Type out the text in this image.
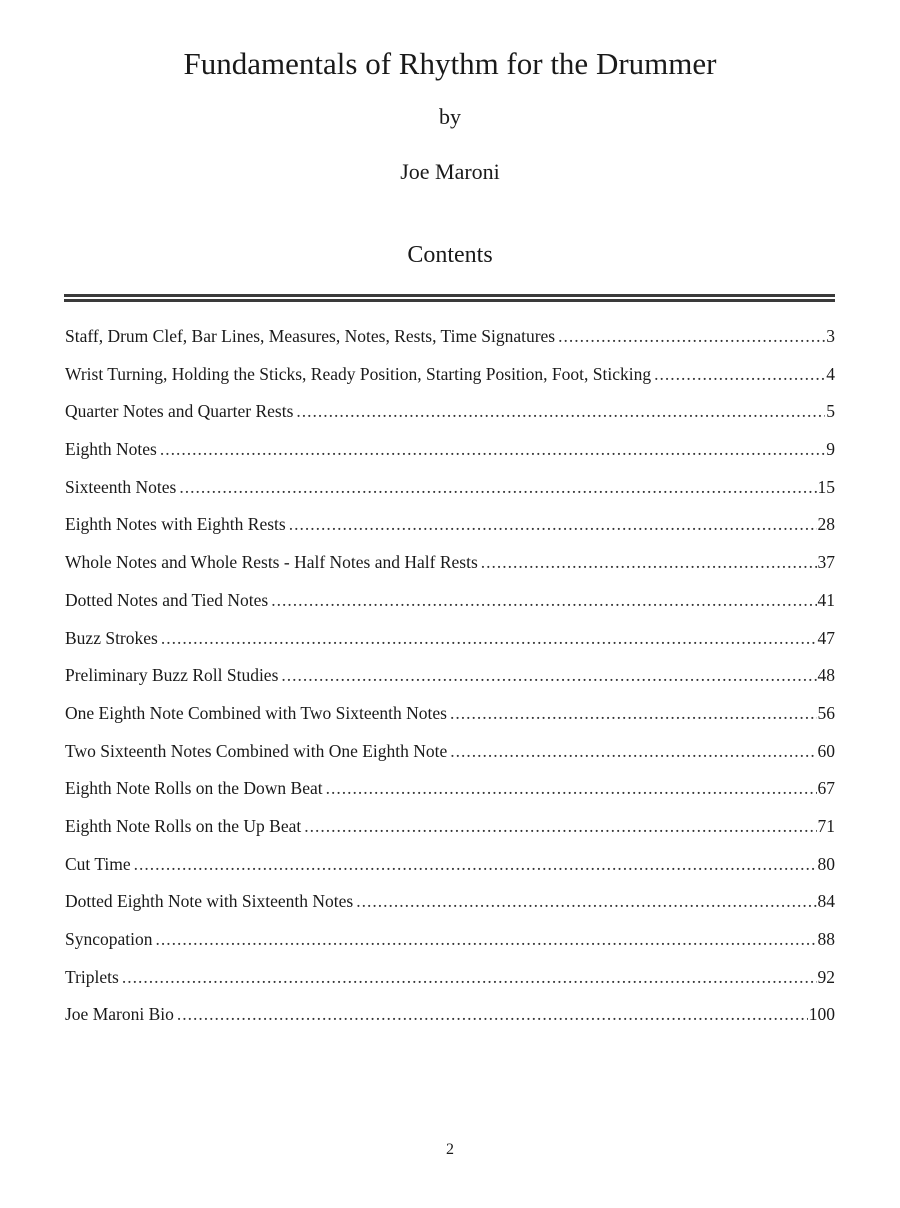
Fundamentals of Rhythm for the Drummer
by
Joe Maroni
Contents
Staff, Drum Clef, Bar Lines, Measures, Notes, Rests, Time Signatures .....	3
Wrist Turning, Holding the Sticks, Ready Position, Starting Position, Foot, Sticking .....	4
Quarter Notes and Quarter Rests .....	5
Eighth Notes .....	9
Sixteenth Notes .....	15
Eighth Notes with Eighth Rests .....	28
Whole Notes and Whole Rests - Half Notes and Half Rests .....	37
Dotted Notes and Tied Notes .....	41
Buzz Strokes .....	47
Preliminary Buzz Roll Studies .....	48
One Eighth Note Combined with Two Sixteenth Notes .....	56
Two Sixteenth Notes Combined with One Eighth Note .....	60
Eighth Note Rolls on the Down Beat .....	67
Eighth Note Rolls on the Up Beat .....	71
Cut Time .....	80
Dotted Eighth Note with Sixteenth Notes .....	84
Syncopation .....	88
Triplets .....	92
Joe Maroni Bio .....	100
2
